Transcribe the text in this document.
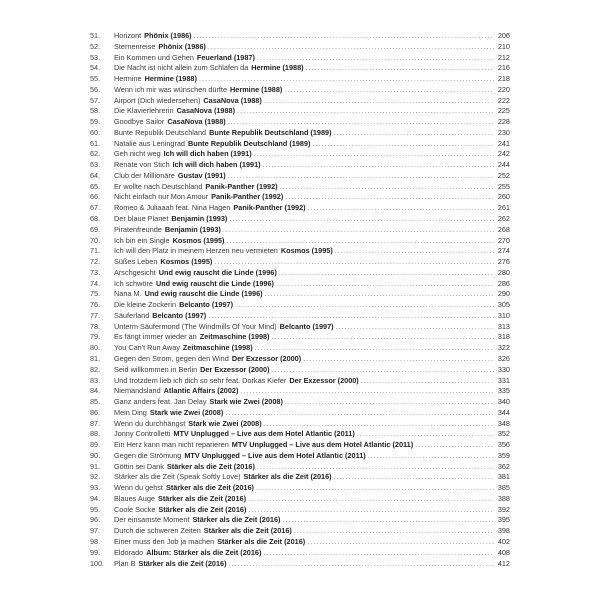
51.	Horizont Phönix (1986) .....	206
52.	Sternenreise Phönix (1986) .....	210
53.	Ein Kommen und Gehen Feuerland (1987) .....	212
54.	Die Nacht ist nicht allein zum Schlafen da Hermine (1988) .....	216
55.	Hermine Hermine (1988) .....	218
56.	Wenn ich mir was wünschen dürfte Hermine (1988) .....	220
57.	Airport (Dich wiedersehen) CasaNova (1988) .....	222
58.	Die Klavierlehrerin CasaNova (1988) .....	225
59.	Goodbye Sailor CasaNova (1988) .....	228
60.	Bunte Republik Deutschland Bunte Republik Deutschland (1989) .....	230
61.	Natalie aus Leningrad Bunte Republik Deutschland (1989) .....	241
62.	Geh nicht weg Ich will dich haben (1991) .....	242
63.	Renate von Stich Ich will dich haben (1991) .....	244
64.	Club der Millionäre Gustav (1991) .....	252
65.	Er wollte nach Deutschland Panik-Panther (1992) .....	255
66.	Nicht einfach nur Mon Amour Panik-Panther (1992) .....	260
67.	Romeo & Juliaaah feat. Nina Hagen Panik-Panther (1992) .....	261
68.	Der blaue Planet Benjamin (1993) .....	262
69.	Piratenfreunde Benjamin (1993) .....	268
70.	Ich bin ein Single Kosmos (1995) .....	270
71.	Ich will den Platz in meinem Herzen neu vermieten Kosmos (1995) .....	274
72.	Süßes Leben Kosmos (1995) .....	276
73.	Arschgesicht Und ewig rauscht die Linde (1996) .....	280
74.	Ich schwöre Und ewig rauscht die Linde (1996) .....	286
75.	Nana M. Und ewig rauscht die Linde (1996) .....	290
76.	Die kleine Zockerin Belcanto (1997) .....	305
77.	Säuferland Belcanto (1997) .....	310
78.	Unterm Säufermond (The Windmills Of Your Mind) Belcanto (1997) .....	313
79.	Es fängt immer wieder an Zeitmaschine (1998) .....	318
80.	You Can't Run Away Zeitmaschine (1998) .....	322
81.	Gegen den Strom, gegen den Wind Der Exzessor (2000) .....	326
82.	Seid willkommen in Berlin Der Exzessor (2000) .....	330
83.	Und trotzdem lieb ich dich so sehr feat. Dorkas Kiefer Der Exzessor (2000) .....	331
84.	Niemandsland Atlantic Affairs (2002) .....	335
85.	Ganz anders feat. Jan Delay Stark wie Zwei (2008) .....	340
86.	Mein Ding Stark wie Zwei (2008) .....	344
87.	Wenn du durchhängst Stark wie Zwei (2008) .....	348
88.	Jonny Controlletti MTV Unplugged – Live aus dem Hotel Atlantic (2011) .....	352
89.	Ein Herz kann man nicht reparieren MTV Unplugged – Live aus dem Hotel Atlantic (2011) .....	356
90.	Gegen die Strömung MTV Unplugged – Live aus dem Hotel Atlantic (2011) .....	359
91.	Göttin sei Dank Stärker als die Zeit (2016) .....	362
92.	Stärker als die Zeit (Speak Softly Love) Stärker als die Zeit (2016) .....	381
93.	Wenn du gehst Stärker als die Zeit (2016) .....	385
94.	Blaues Auge Stärker als die Zeit (2016) .....	388
95.	Coole Socke Stärker als die Zeit (2016) .....	392
96.	Der einsamste Moment Stärker als die Zeit (2016) .....	395
97.	Durch die schweren Zeiten Stärker als die Zeit (2016) .....	398
98.	Einer muss den Job ja machen Stärker als die Zeit (2016) .....	402
99.	Eldorado Album: Stärker als die Zeit (2016) .....	408
100.	Plan B Stärker als die Zeit (2016) .....	412
